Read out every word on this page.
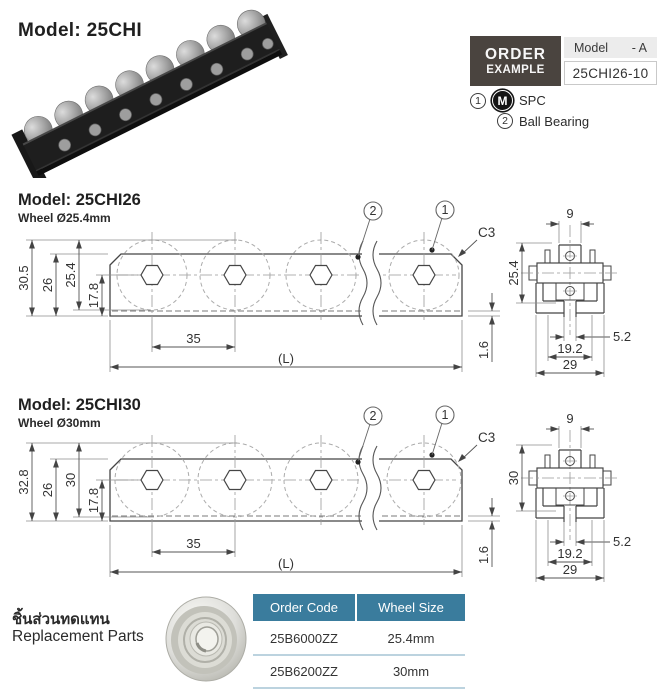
2	1
C3
30.5 26 25.4
17.8
35
(L)	1.6
9
25.4
5.2
19.2
29
2	1
C3
32.8 26
30
17.8
35
(L)	1.6
9
30
5.2
19.2
29
Model: 25CHI
ORDER
EXAMPLE
Model - A
25CHI26-10
1	M SPC
2 Ball Bearing
Model: 25CHI26
Wheel Ø25.4mm
Model: 25CHI30
Wheel Ø30mm
ชิ้นส่วนทดแทน
Replacement Parts
Order Code	Wheel Size
25B6000ZZ	25.4mm
25B6200ZZ	30mm
